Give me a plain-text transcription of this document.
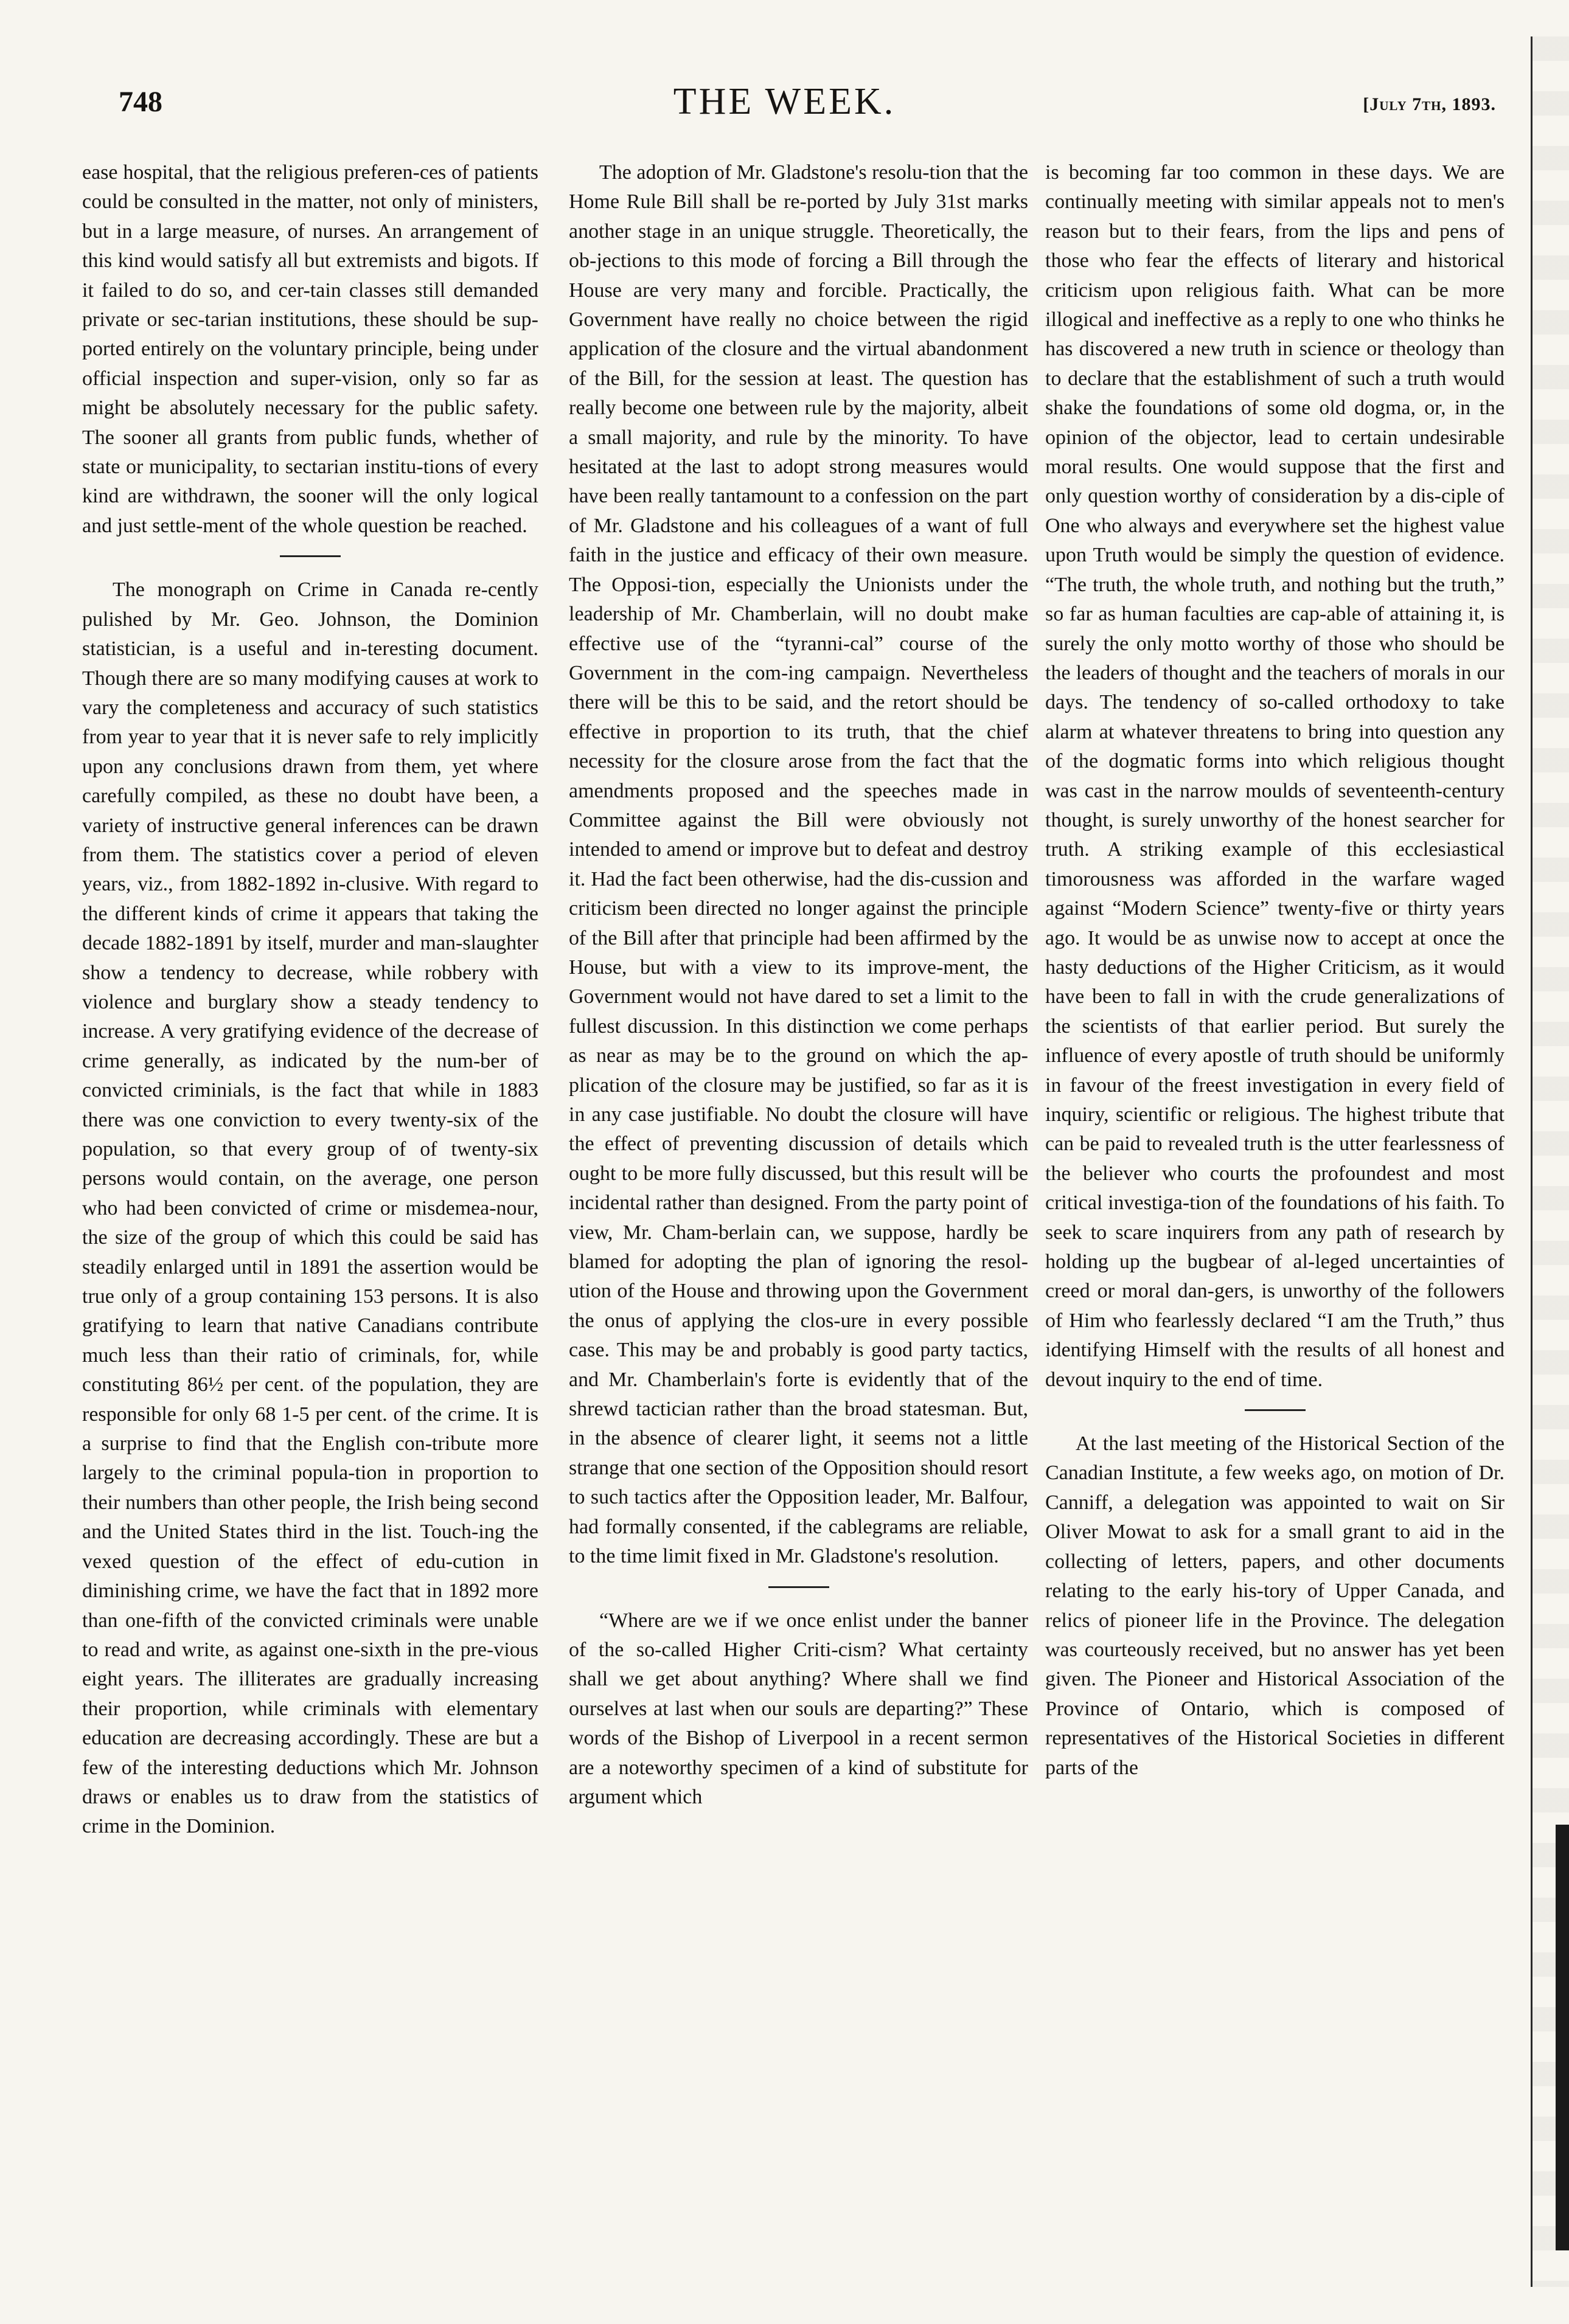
748	THE WEEK.	[July 7th, 1893.

ease hospital, that the religious preferen-ces of patients could be consulted in the matter, not only of ministers, but in a large measure, of nurses. An arrangement of this kind would satisfy all but extremists and bigots. If it failed to do so, and cer-tain classes still demanded private or sec-tarian institutions, these should be sup-ported entirely on the voluntary principle, being under official inspection and super-vision, only so far as might be absolutely necessary for the public safety. The sooner all grants from public funds, whether of state or municipality, to sectarian institu-tions of every kind are withdrawn, the sooner will the only logical and just settle-ment of the whole question be reached.

The monograph on Crime in Canada re-cently pulished by Mr. Geo. Johnson, the Dominion statistician, is a useful and in-teresting document. Though there are so many modifying causes at work to vary the completeness and accuracy of such statistics from year to year that it is never safe to rely implicitly upon any conclusions drawn from them, yet where carefully compiled, as these no doubt have been, a variety of instructive general inferences can be drawn from them. The statistics cover a period of eleven years, viz., from 1882-1892 in-clusive. With regard to the different kinds of crime it appears that taking the decade 1882-1891 by itself, murder and man-slaughter show a tendency to decrease, while robbery with violence and burglary show a steady tendency to increase. A very gratifying evidence of the decrease of crime generally, as indicated by the num-ber of convicted criminials, is the fact that while in 1883 there was one conviction to every twenty-six of the population, so that every group of of twenty-six persons would contain, on the average, one person who had been convicted of crime or misdemea-nour, the size of the group of which this could be said has steadily enlarged until in 1891 the assertion would be true only of a group containing 153 persons. It is also gratifying to learn that native Canadians contribute much less than their ratio of criminals, for, while constituting 86½ per cent. of the population, they are responsible for only 68 1-5 per cent. of the crime. It is a surprise to find that the English con-tribute more largely to the criminal popula-tion in proportion to their numbers than other people, the Irish being second and the United States third in the list. Touch-ing the vexed question of the effect of edu-cution in diminishing crime, we have the fact that in 1892 more than one-fifth of the convicted criminals were unable to read and write, as against one-sixth in the pre-vious eight years. The illiterates are gradually increasing their proportion, while criminals with elementary education are decreasing accordingly. These are but a few of the interesting deductions which Mr. Johnson draws or enables us to draw from the statistics of crime in the Dominion.

The adoption of Mr. Gladstone's resolu-tion that the Home Rule Bill shall be re-ported by July 31st marks another stage in an unique struggle. Theoretically, the ob-jections to this mode of forcing a Bill through the House are very many and forcible. Practically, the Government have really no choice between the rigid application of the closure and the virtual abandonment of the Bill, for the session at least. The question has really become one between rule by the majority, albeit a small majority, and rule by the minority. To have hesitated at the last to adopt strong measures would have been really tantamount to a confession on the part of Mr. Gladstone and his colleagues of a want of full faith in the justice and efficacy of their own measure. The Opposi-tion, especially the Unionists under the leadership of Mr. Chamberlain, will no doubt make effective use of the “tyranni-cal” course of the Government in the com-ing campaign. Nevertheless there will be this to be said, and the retort should be effective in proportion to its truth, that the chief necessity for the closure arose from the fact that the amendments proposed and the speeches made in Committee against the Bill were obviously not intended to amend or improve but to defeat and destroy it. Had the fact been otherwise, had the dis-cussion and criticism been directed no longer against the principle of the Bill after that principle had been affirmed by the House, but with a view to its improve-ment, the Government would not have dared to set a limit to the fullest discussion. In this distinction we come perhaps as near as may be to the ground on which the ap-plication of the closure may be justified, so far as it is in any case justifiable. No doubt the closure will have the effect of preventing discussion of details which ought to be more fully discussed, but this result will be incidental rather than designed. From the party point of view, Mr. Cham-berlain can, we suppose, hardly be blamed for adopting the plan of ignoring the resol-ution of the House and throwing upon the Government the onus of applying the clos-ure in every possible case. This may be and probably is good party tactics, and Mr. Chamberlain's forte is evidently that of the shrewd tactician rather than the broad statesman. But, in the absence of clearer light, it seems not a little strange that one section of the Opposition should resort to such tactics after the Opposition leader, Mr. Balfour, had formally consented, if the cablegrams are reliable, to the time limit fixed in Mr. Gladstone's resolution.

“Where are we if we once enlist under the banner of the so-called Higher Criti-cism? What certainty shall we get about anything? Where shall we find ourselves at last when our souls are departing?” These words of the Bishop of Liverpool in a recent sermon are a noteworthy specimen of a kind of substitute for argument which

is becoming far too common in these days. We are continually meeting with similar appeals not to men's reason but to their fears, from the lips and pens of those who fear the effects of literary and historical criticism upon religious faith. What can be more illogical and ineffective as a reply to one who thinks he has discovered a new truth in science or theology than to declare that the establishment of such a truth would shake the foundations of some old dogma, or, in the opinion of the objector, lead to certain undesirable moral results. One would suppose that the first and only question worthy of consideration by a dis-ciple of One who always and everywhere set the highest value upon Truth would be simply the question of evidence. “The truth, the whole truth, and nothing but the truth,” so far as human faculties are cap-able of attaining it, is surely the only motto worthy of those who should be the leaders of thought and the teachers of morals in our days. The tendency of so-called orthodoxy to take alarm at whatever threatens to bring into question any of the dogmatic forms into which religious thought was cast in the narrow moulds of seventeenth-century thought, is surely unworthy of the honest searcher for truth. A striking example of this ecclesiastical timorousness was afforded in the warfare waged against “Modern Science” twenty-five or thirty years ago. It would be as unwise now to accept at once the hasty deductions of the Higher Criticism, as it would have been to fall in with the crude generalizations of the scientists of that earlier period. But surely the influence of every apostle of truth should be uniformly in favour of the freest investigation in every field of inquiry, scientific or religious. The highest tribute that can be paid to revealed truth is the utter fearlessness of the believer who courts the profoundest and most critical investiga-tion of the foundations of his faith. To seek to scare inquirers from any path of research by holding up the bugbear of al-leged uncertainties of creed or moral dan-gers, is unworthy of the followers of Him who fearlessly declared “I am the Truth,” thus identifying Himself with the results of all honest and devout inquiry to the end of time.

At the last meeting of the Historical Section of the Canadian Institute, a few weeks ago, on motion of Dr. Canniff, a delegation was appointed to wait on Sir Oliver Mowat to ask for a small grant to aid in the collecting of letters, papers, and other documents relating to the early his-tory of Upper Canada, and relics of pioneer life in the Province. The delegation was courteously received, but no answer has yet been given. The Pioneer and Historical Association of the Province of Ontario, which is composed of representatives of the Historical Societies in different parts of the
